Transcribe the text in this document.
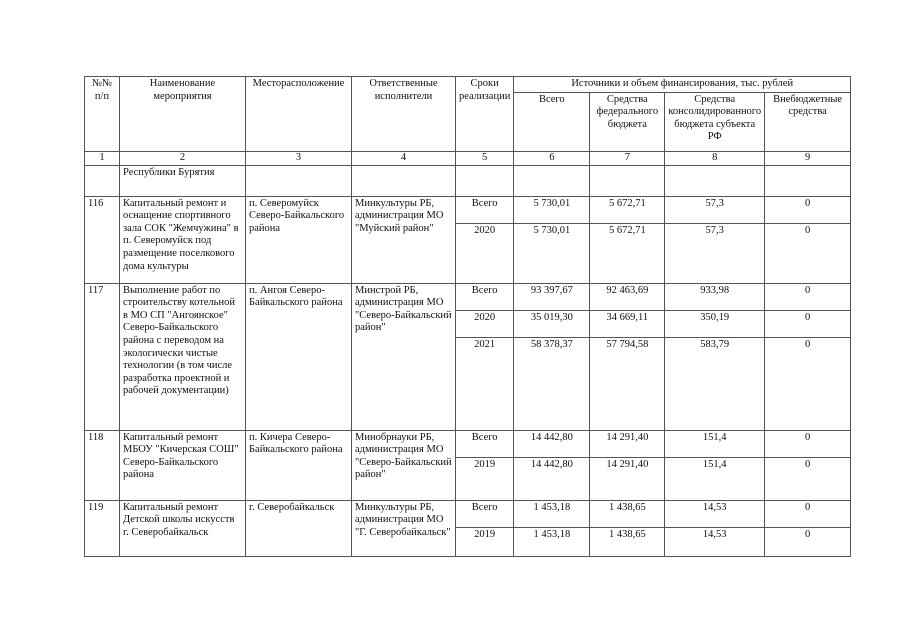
№№ п/п	Наименование мероприятия	Месторасположение	Ответственные исполнители	Сроки реализации	Источники и объем финансирования, тыс. рублей			
					Всего	Средства федерального бюджета	Средства консолидированного бюджета субъекта РФ	Внебюджетные средства
1	2	3	4	5	6	7	8	9
	Республики Бурятия							
116	Капитальный ремонт и оснащение спортивного зала СОК "Жемчужина" в п. Северомуйск под размещение поселкового дома культуры	п. Северомуйск Северо-Байкальского района	Минкультуры РБ, администрация МО "Муйский район"	Всего	5 730,01	5 672,71	57,3	0
				2020	5 730,01	5 672,71	57,3	0
117	Выполнение работ по строительству котельной в МО СП "Ангоянское" Северо-Байкальского района с переводом на экологически чистые технологии (в том числе разработка проектной и рабочей документации)	п. Ангоя Северо-Байкальского района	Минстрой РБ, администрация МО "Северо-Байкальский район"	Всего	93 397,67	92 463,69	933,98	0
				2020	35 019,30	34 669,11	350,19	0
				2021	58 378,37	57 794,58	583,79	0
118	Капитальный ремонт МБОУ "Кичерская СОШ" Северо-Байкальского района	п. Кичера Северо-Байкальского района	Минобрнауки РБ, администрация МО "Северо-Байкальский район"	Всего	14 442,80	14 291,40	151,4	0
				2019	14 442,80	14 291,40	151,4	0
119	Капитальный ремонт Детской школы искусств г. Северобайкальск	г. Северобайкальск	Минкультуры РБ, администрация МО "Г. Северобайкальск"	Всего	1 453,18	1 438,65	14,53	0
				2019	1 453,18	1 438,65	14,53	0
